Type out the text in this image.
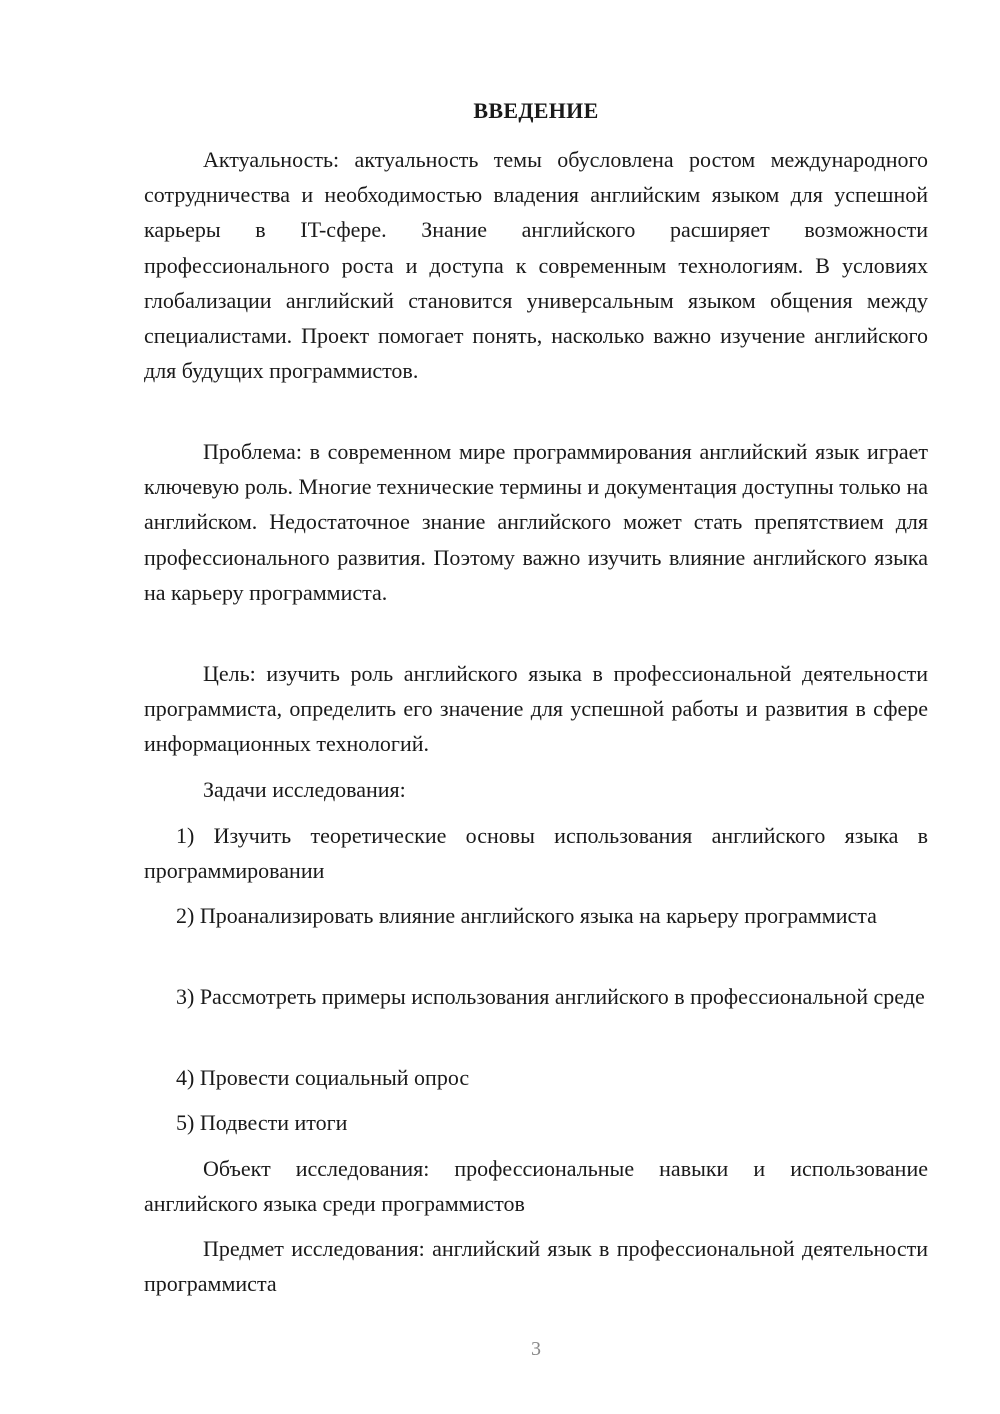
ВВЕДЕНИЕ

Актуальность: актуальность темы обусловлена ростом международного сотрудничества и необходимостью владения английским языком для успешной карьеры в IT-сфере. Знание английского расширяет возможности профессионального роста и доступа к современным технологиям. В условиях глобализации английский становится универсальным языком общения между специалистами. Проект помогает понять, насколько важно изучение английского для будущих программистов.

Проблема: в современном мире программирования английский язык играет ключевую роль. Многие технические термины и документация доступны только на английском. Недостаточное знание английского может стать препятствием для профессионального развития. Поэтому важно изучить влияние английского языка на карьеру программиста.

Цель: изучить роль английского языка в профессиональной деятельности программиста, определить его значение для успешной работы и развития в сфере информационных технологий.

Задачи исследования:

1) Изучить теоретические основы использования английского языка в программировании

2) Проанализировать влияние английского языка на карьеру программиста

3) Рассмотреть примеры использования английского в профессиональной среде

4) Провести социальный опрос

5) Подвести итоги

Объект исследования: профессиональные навыки и использование английского языка среди программистов

Предмет исследования: английский язык в профессиональной деятельности программиста

3
